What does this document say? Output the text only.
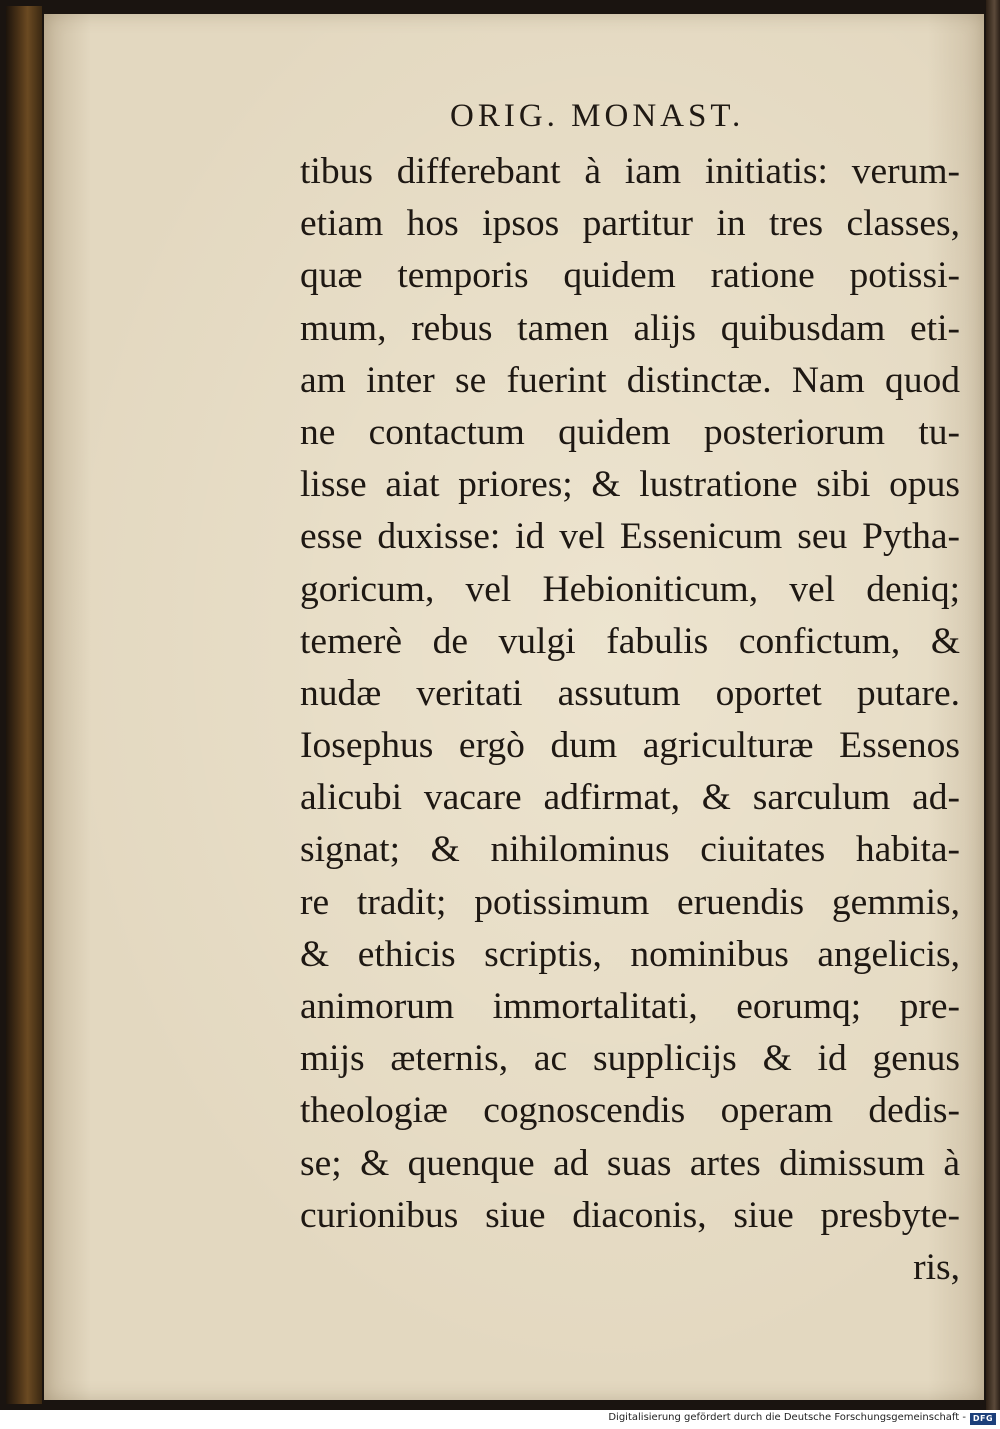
ORIG. MONAST.
tibus differebant à iam initiatis: verum-
etiam hos ipsos partitur in tres classes,
quæ temporis quidem ratione potissi-
mum, rebus tamen alijs quibusdam eti-
am inter se fuerint distinctæ. Nam quod
ne contactum quidem posteriorum tu-
lisse aiat priores; & lustratione sibi opus
esse duxisse: id vel Essenicum seu Pytha-
goricum, vel Hebioniticum, vel deniq;
temerè de vulgi fabulis confictum, &
nudæ veritati assutum oportet putare.
Iosephus ergò dum agriculturæ Essenos
alicubi vacare adfirmat, & sarculum ad-
signat; & nihilominus ciuitates habita-
re tradit; potissimum eruendis gemmis,
& ethicis scriptis, nominibus angelicis,
animorum immortalitati, eorumq; pre-
mijs æternis, ac supplicijs & id genus
theologiæ cognoscendis operam dedis-
se; & quenque ad suas artes dimissum à
curionibus siue diaconis, siue presbyte-
ris,
Digitalisierung gefördert durch die Deutsche Forschungsgemeinschaft - DFG
